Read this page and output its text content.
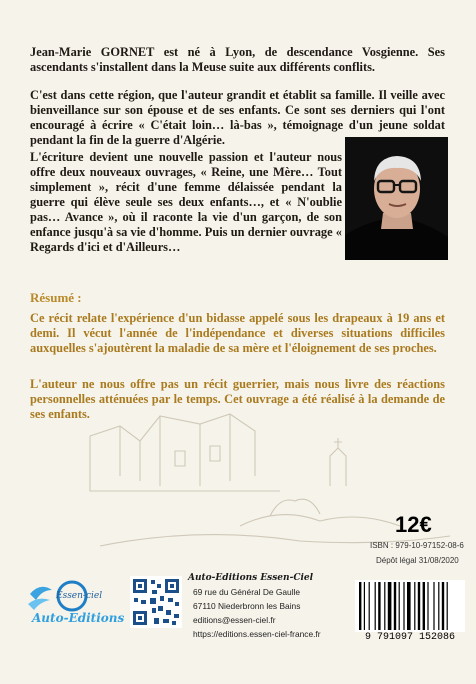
Jean-Marie GORNET est né à Lyon, de descendance Vosgienne. Ses ascendants s'installent dans la Meuse suite aux différents conflits.

C'est dans cette région, que l'auteur grandit et établit sa famille. Il veille avec bienveillance sur son épouse et de ses enfants. Ce sont ses derniers qui l'ont encouragé à écrire « C'était loin… là-bas », témoignage d'un jeune soldat pendant la fin de la guerre d'Algérie.

L'écriture devient une nouvelle passion et l'auteur nous offre deux nouveaux ouvrages, « Reine, une Mère… Tout simplement », récit d'une femme délaissée pendant la guerre qui élève seule ses deux enfants…, et « N'oublie pas… Avance », où il raconte la vie d'un garçon, de son enfance jusqu'à sa vie d'homme. Puis un dernier ouvrage « Regards d'ici et d'Ailleurs…

Résumé :

Ce récit relate l'expérience d'un bidasse appelé sous les drapeaux à 19 ans et demi. Il vécut l'année de l'indépendance et diverses situations difficiles auxquelles s'ajoutèrent la maladie de sa mère et l'éloignement de ses proches.

L'auteur ne nous offre pas un récit guerrier, mais nous livre des réactions personnelles atténuées par le temps. Cet ouvrage a été réalisé à la demande de ses enfants.

12€
ISBN : 979-10-97152-08-6
Dépôt légal 31/08/2020
Essen-ciel
Auto-Editions
Auto-Editions Essen-Ciel
69 rue du Général De Gaulle
67110 Niederbronn les Bains
editions@essen-ciel.fr
https://editions.essen-ciel-france.fr	9 791097 152086
